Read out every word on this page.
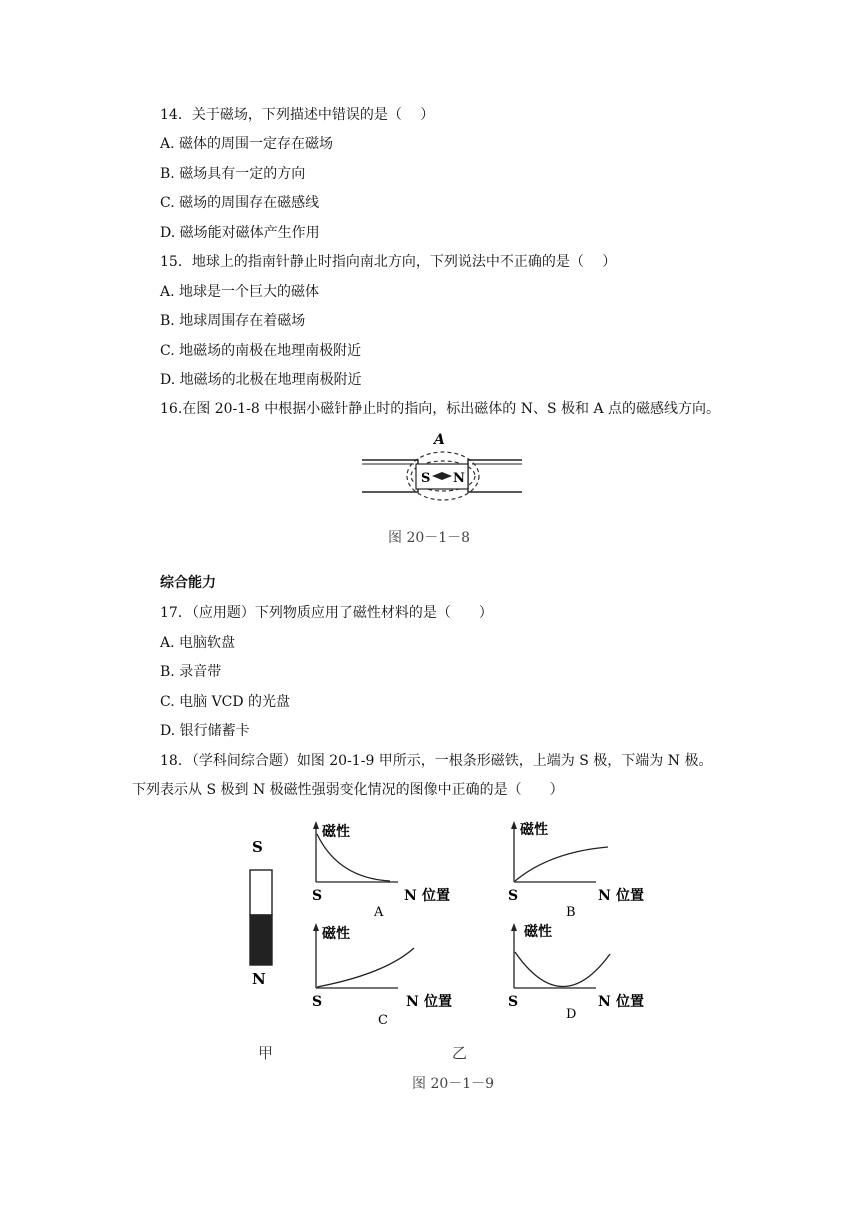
14．关于磁场，下列描述中错误的是（　 ）
A. 磁体的周围一定存在磁场
B. 磁场具有一定的方向
C. 磁场的周围存在磁感线
D. 磁场能对磁体产生作用
15．地球上的指南针静止时指向南北方向，下列说法中不正确的是（　 ）
A. 地球是一个巨大的磁体
B. 地球周围存在着磁场
C. 地磁场的南极在地理南极附近
D. 地磁场的北极在地理南极附近
16.在图 20-1-8 中根据小磁针静止时的指向，标出磁体的 N、S 极和 A 点的磁感线方向。
S N
A
图 20－1－8
综合能力
17．（应用题）下列物质应用了磁性材料的是（　　）
A. 电脑软盘
B. 录音带
C. 电脑 VCD 的光盘
D. 银行储蓄卡
18．（学科间综合题）如图 20-1-9 甲所示，一根条形磁铁，上端为 S 极，下端为 N 极。
下列表示从 S 极到 N 极磁性强弱变化情况的图像中正确的是（　　）
S
N
甲
磁性
S	N 位置
A
磁性
S	N 位置
B
磁性
S	N 位置
C
磁性
S	N 位置
D
乙
图 20－1－9
